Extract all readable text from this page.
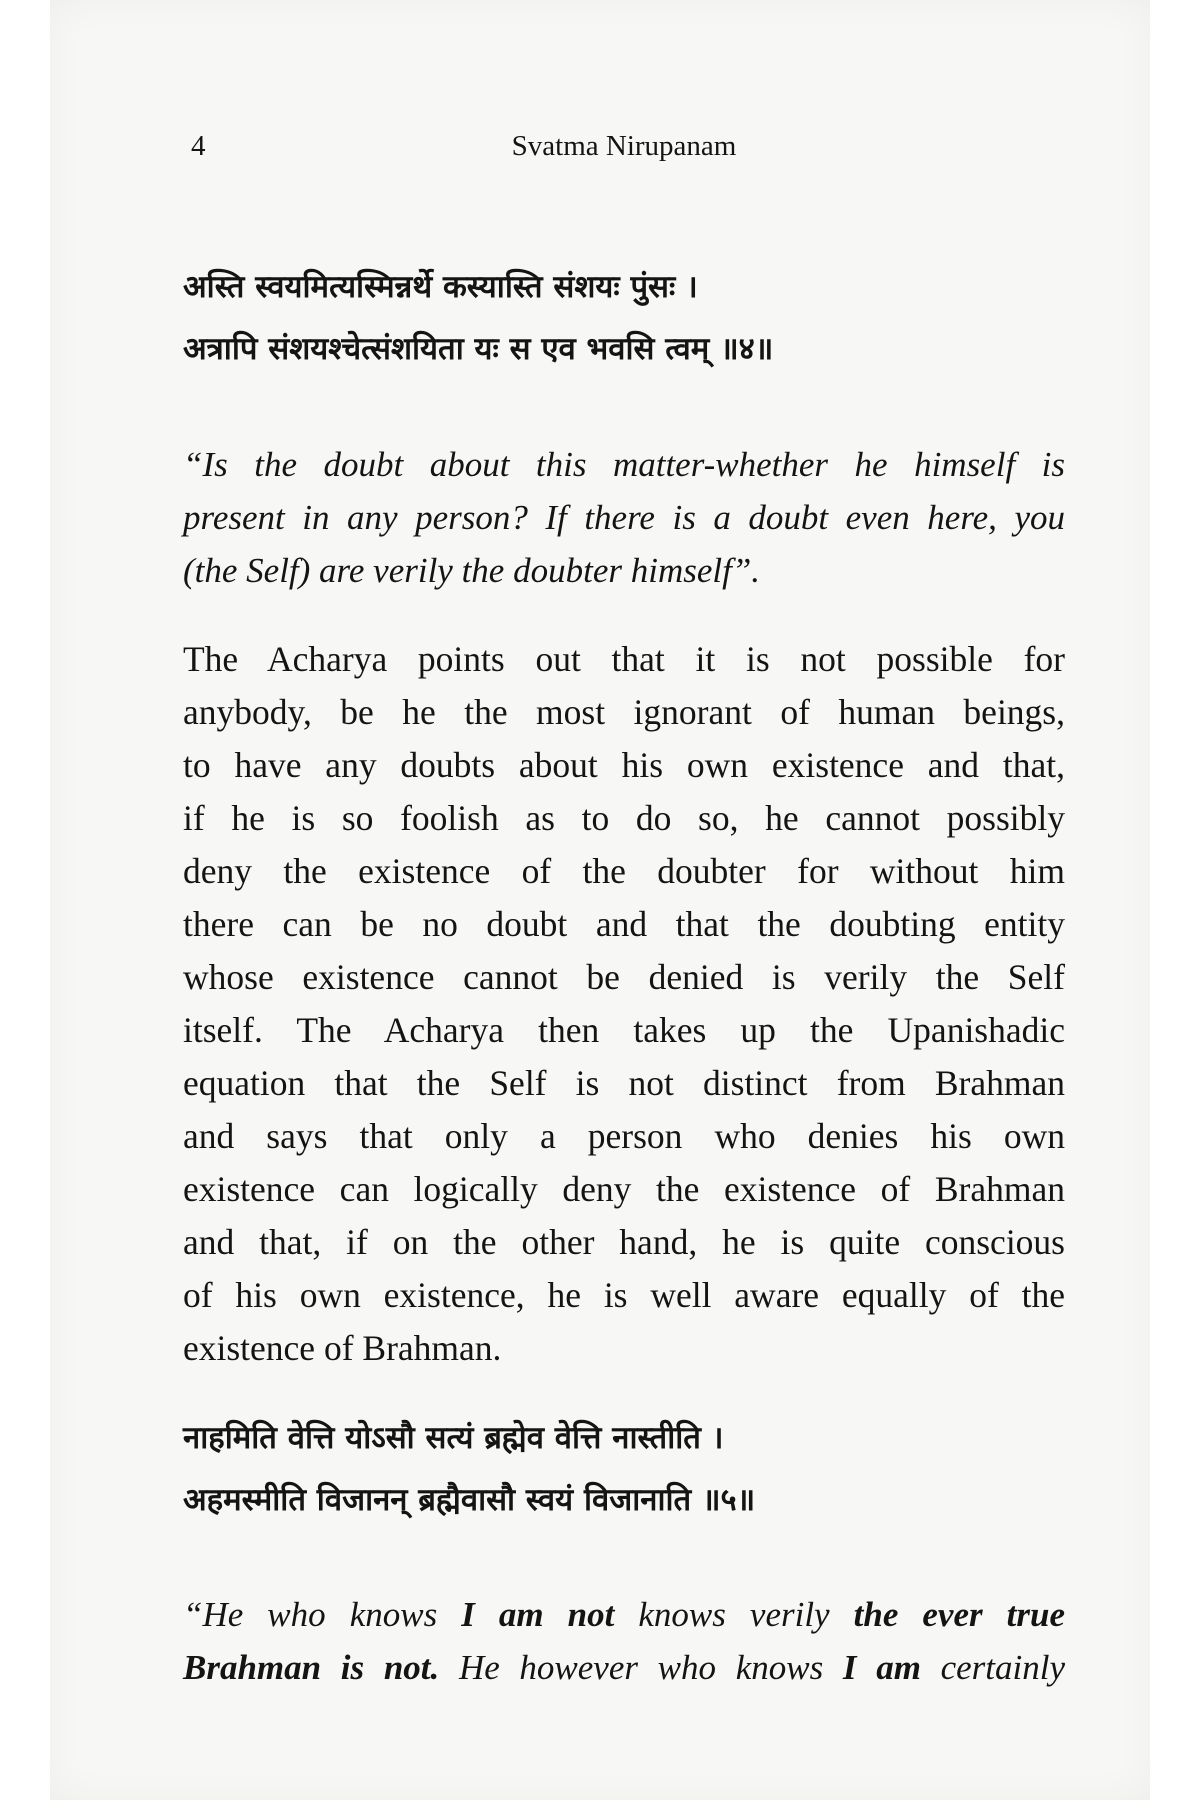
4	Svatma Nirupanam
अस्ति स्वयमित्यस्मिन्नर्थे कस्यास्ति संशयः पुंसः ।
अत्रापि संशयश्चेत्संशयिता यः स एव भवसि त्वम् ॥४॥
“Is the doubt about this matter-whether he himself is
present in any person? If there is a doubt even here, you
(the Self) are verily the doubter himself”.
The Acharya points out that it is not possible for
anybody, be he the most ignorant of human beings,
to have any doubts about his own existence and that,
if he is so foolish as to do so, he cannot possibly
deny the existence of the doubter for without him
there can be no doubt and that the doubting entity
whose existence cannot be denied is verily the Self
itself. The Acharya then takes up the Upanishadic
equation that the Self is not distinct from Brahman
and says that only a person who denies his own
existence can logically deny the existence of Brahman
and that, if on the other hand, he is quite conscious
of his own existence, he is well aware equally of the
existence of Brahman.
नाहमिति वेत्ति योऽसौ सत्यं ब्रह्मेव वेत्ति नास्तीति ।
अहमस्मीति विजानन् ब्रह्मैवासौ स्वयं विजानाति ॥५॥
“He who knows I am not knows verily the ever true
Brahman is not. He however who knows I am certainly
